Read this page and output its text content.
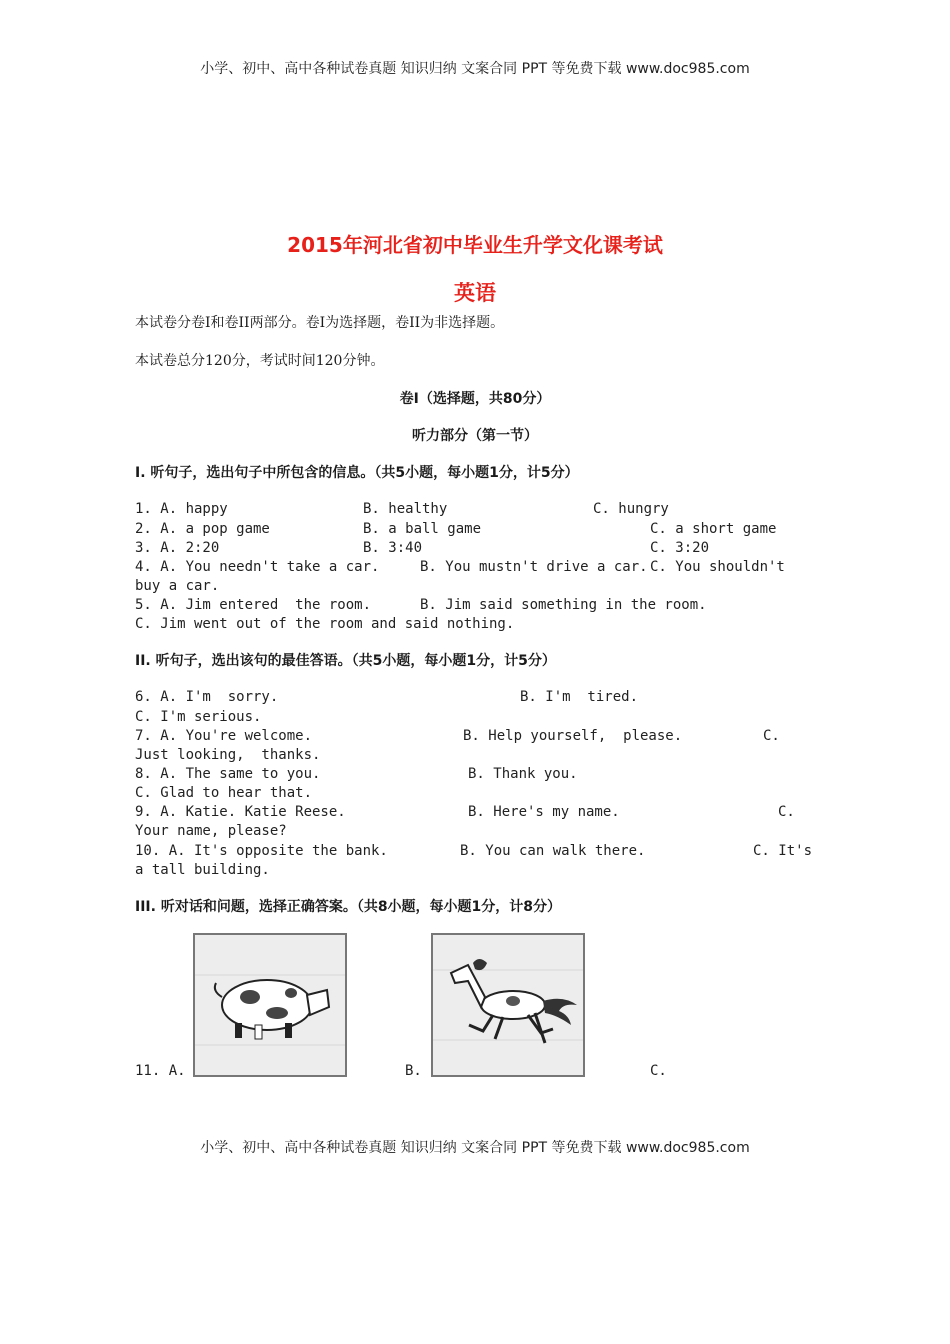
小学、初中、高中各种试卷真题 知识归纳 文案合同 PPT 等免费下载 www.doc985.com
2015年河北省初中毕业生升学文化课考试
英语
本试卷分卷I和卷II两部分。卷I为选择题，卷II为非选择题。
本试卷总分120分，考试时间120分钟。
卷I（选择题，共80分）
听力部分（第一节）
I. 听句子，选出句子中所包含的信息。（共5小题，每小题1分，计5分）
1. A. happy	B. healthy	C. hungry
2. A. a pop game	B. a ball game	C. a short game
3. A. 2:20	B. 3:40	C. 3:20
4. A. You needn't take a car.	B. You mustn't drive a car. C. You shouldn't
buy a car.
5. A. Jim entered  the room.	B. Jim said something in the room.
C. Jim went out of the room and said nothing.
II. 听句子，选出该句的最佳答语。（共5小题，每小题1分，计5分）
6. A. I'm  sorry.	B. I'm  tired.
C. I'm serious.
7. A. You're welcome.	B. Help yourself,  please.	C.
Just looking,  thanks.
8. A. The same to you.	B. Thank you.
C. Glad to hear that.
9. A. Katie. Katie Reese.	B. Here's my name.	C.
Your name, please?
10. A. It's opposite the bank.	B. You can walk there.	C. It's
a tall building.
III. 听对话和问题，选择正确答案。（共8小题，每小题1分，计8分）
11. A.	B.	C.
小学、初中、高中各种试卷真题 知识归纳 文案合同 PPT 等免费下载 www.doc985.com
